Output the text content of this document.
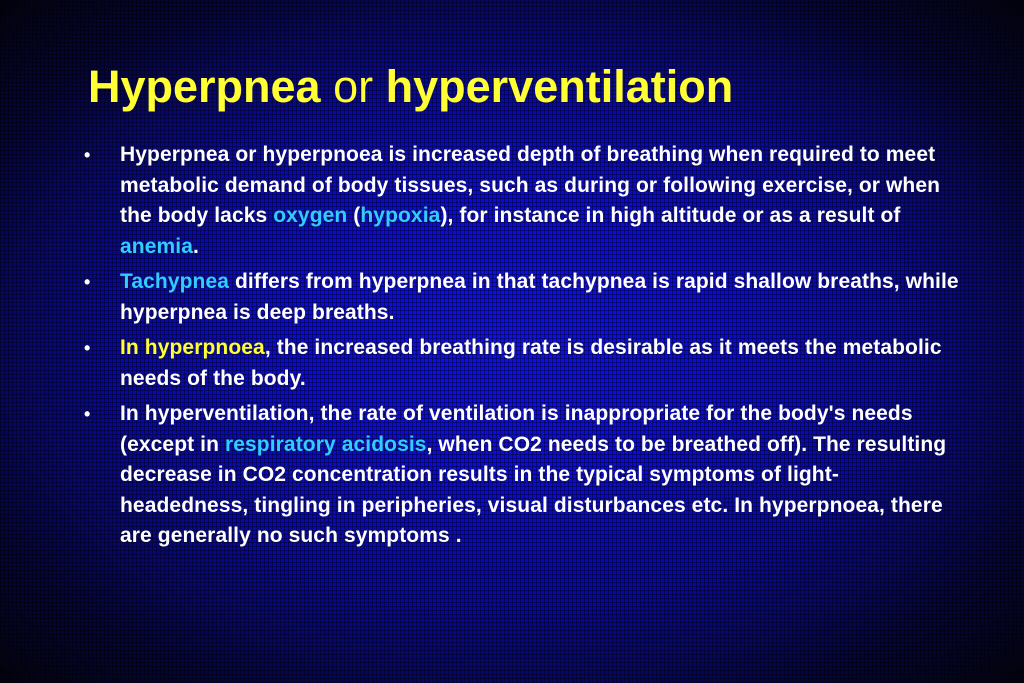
Hyperpnea or hyperventilation
•	Hyperpnea or hyperpnoea is increased depth of breathing when required to meet metabolic demand of body tissues, such as during or following exercise, or when the body lacks oxygen (hypoxia), for instance in high altitude or as a result of anemia.
•	Tachypnea differs from hyperpnea in that tachypnea is rapid shallow breaths, while hyperpnea is deep breaths.
•	In hyperpnoea, the increased breathing rate is desirable as it meets the metabolic needs of the body.
•	In hyperventilation, the rate of ventilation is inappropriate for the body's needs (except in respiratory acidosis, when CO2 needs to be breathed off). The resulting decrease in CO2 concentration results in the typical symptoms of light-headedness, tingling in peripheries, visual disturbances etc. In hyperpnoea, there are generally no such symptoms .
